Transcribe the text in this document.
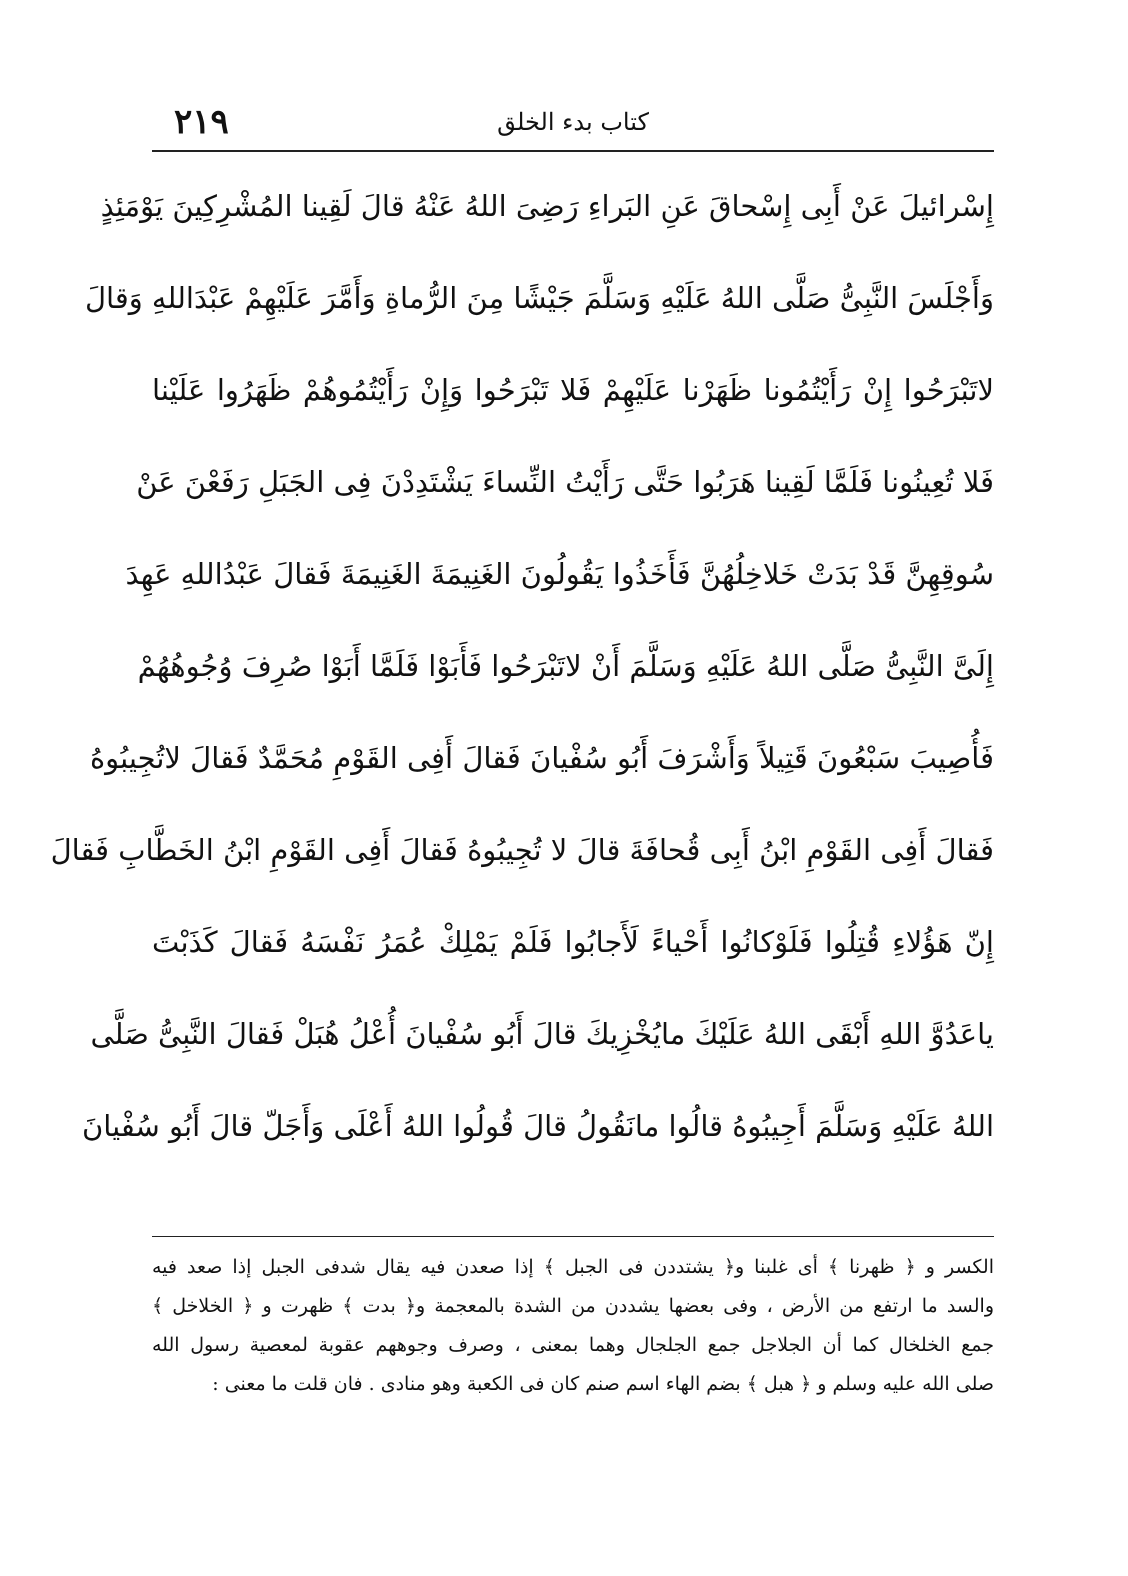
٢١٩	كتاب بدء الخلق
إِسْرائيلَ عَنْ أَبِى إِسْحاقَ عَنِ البَراءِ رَضِىَ اللهُ عَنْهُ قالَ لَقِينا المُشْرِكِينَ يَوْمَئِذٍ
وَأَجْلَسَ النَّبِىُّ صَلَّى اللهُ عَلَيْهِ وَسَلَّمَ جَيْشًا مِنَ الرُّماةِ وَأَمَّرَ عَلَيْهِمْ عَبْدَاللهِ وَقالَ
لاتَبْرَحُوا إِنْ رَأَيْتُمُونا ظَهَرْنا عَلَيْهِمْ فَلا تَبْرَحُوا وَإِنْ رَأَيْتُمُوهُمْ ظَهَرُوا عَلَيْنا
فَلا تُعِينُونا فَلَمَّا لَقِينا هَرَبُوا حَتَّى رَأَيْتُ النِّساءَ يَشْتَدِدْنَ فِى الجَبَلِ رَفَعْنَ عَنْ
سُوقِهِنَّ قَدْ بَدَتْ خَلاخِلُهُنَّ فَأَخَذُوا يَقُولُونَ الغَنِيمَةَ الغَنِيمَةَ فَقالَ عَبْدُاللهِ عَهِدَ
إِلَىَّ النَّبِىُّ صَلَّى اللهُ عَلَيْهِ وَسَلَّمَ أَنْ لاتَبْرَحُوا فَأَبَوْا فَلَمَّا أَبَوْا صُرِفَ وُجُوهُهُمْ
فَأُصِيبَ سَبْعُونَ قَتِيلاً وَأَشْرَفَ أَبُو سُفْيانَ فَقالَ أَفِى القَوْمِ مُحَمَّدٌ فَقالَ لاتُجِيبُوهُ
فَقالَ أَفِى القَوْمِ ابْنُ أَبِى قُحافَةَ قالَ لا تُجِيبُوهُ فَقالَ أَفِى القَوْمِ ابْنُ الخَطَّابِ فَقالَ
إِنّ هَؤُلاءِ قُتِلُوا فَلَوْكانُوا أَحْياءً لَأَجابُوا فَلَمْ يَمْلِكْ عُمَرُ نَفْسَهُ فَقالَ كَذَبْتَ
ياعَدُوَّ اللهِ أَبْقَى اللهُ عَلَيْكَ مايُخْزِيكَ قالَ أَبُو سُفْيانَ أُعْلُ هُبَلْ فَقالَ النَّبِىُّ صَلَّى
اللهُ عَلَيْهِ وَسَلَّمَ أَجِيبُوهُ قالُوا مانَقُولُ قالَ قُولُوا اللهُ أَعْلَى وَأَجَلّ قالَ أَبُو سُفْيانَ
الكسر و ﴿ ظهرنا ﴾ أى غلبنا و﴿ يشتددن فى الجبل ﴾ إذا صعدن فيه يقال شدفى الجبل إذا صعد فيه
والسد ما ارتفع من الأرض ، وفى بعضها يشددن من الشدة بالمعجمة و﴿ بدت ﴾ ظهرت و ﴿ الخلاخل ﴾
جمع الخلخال كما أن الجلاجل جمع الجلجال وهما بمعنى ، وصرف وجوههم عقوبة لمعصية رسول الله
صلى الله عليه وسلم و ﴿ هبل ﴾ بضم الهاء اسم صنم كان فى الكعبة وهو منادى . فان قلت ما معنى :
